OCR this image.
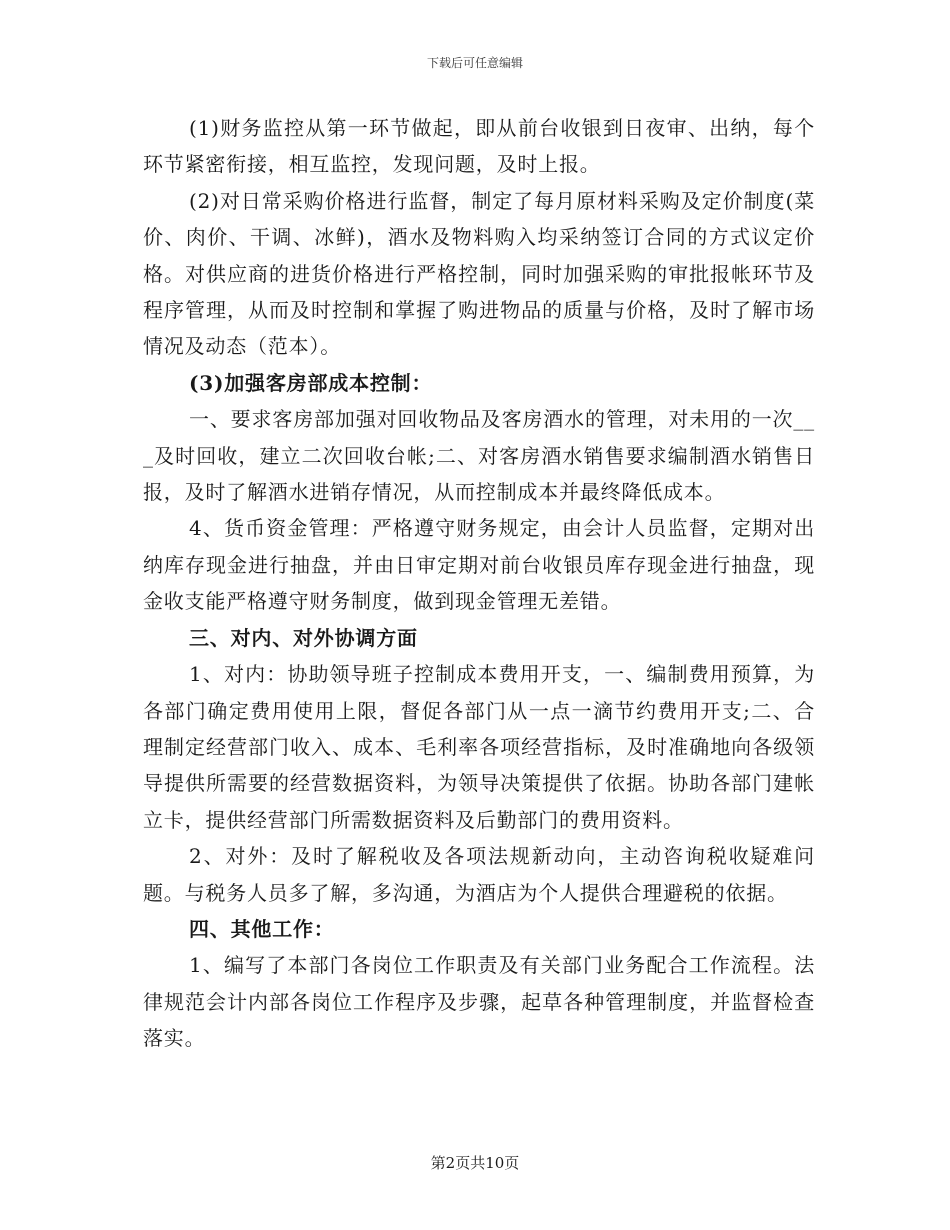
下载后可任意编辑

(1)财务监控从第一环节做起，即从前台收银到日夜审、出纳，每个环节紧密衔接，相互监控，发现问题，及时上报。

(2)对日常采购价格进行监督，制定了每月原材料采购及定价制度(菜价、肉价、干调、冰鲜)，酒水及物料购入均采纳签订合同的方式议定价格。对供应商的进货价格进行严格控制，同时加强采购的审批报帐环节及程序管理，从而及时控制和掌握了购进物品的质量与价格，及时了解市场情况及动态（范本）。

(3)加强客房部成本控制：

一、要求客房部加强对回收物品及客房酒水的管理，对未用的一次___及时回收，建立二次回收台帐;二、对客房酒水销售要求编制酒水销售日报，及时了解酒水进销存情况，从而控制成本并最终降低成本。

4、货币资金管理：严格遵守财务规定，由会计人员监督，定期对出纳库存现金进行抽盘，并由日审定期对前台收银员库存现金进行抽盘，现金收支能严格遵守财务制度，做到现金管理无差错。

三、对内、对外协调方面

1、对内：协助领导班子控制成本费用开支，一、编制费用预算，为各部门确定费用使用上限，督促各部门从一点一滴节约费用开支;二、合理制定经营部门收入、成本、毛利率各项经营指标，及时准确地向各级领导提供所需要的经营数据资料，为领导决策提供了依据。协助各部门建帐立卡，提供经营部门所需数据资料及后勤部门的费用资料。

2、对外：及时了解税收及各项法规新动向，主动咨询税收疑难问题。与税务人员多了解，多沟通，为酒店为个人提供合理避税的依据。

四、其他工作：

1、编写了本部门各岗位工作职责及有关部门业务配合工作流程。法律规范会计内部各岗位工作程序及步骤，起草各种管理制度，并监督检查落实。

第2页共10页
